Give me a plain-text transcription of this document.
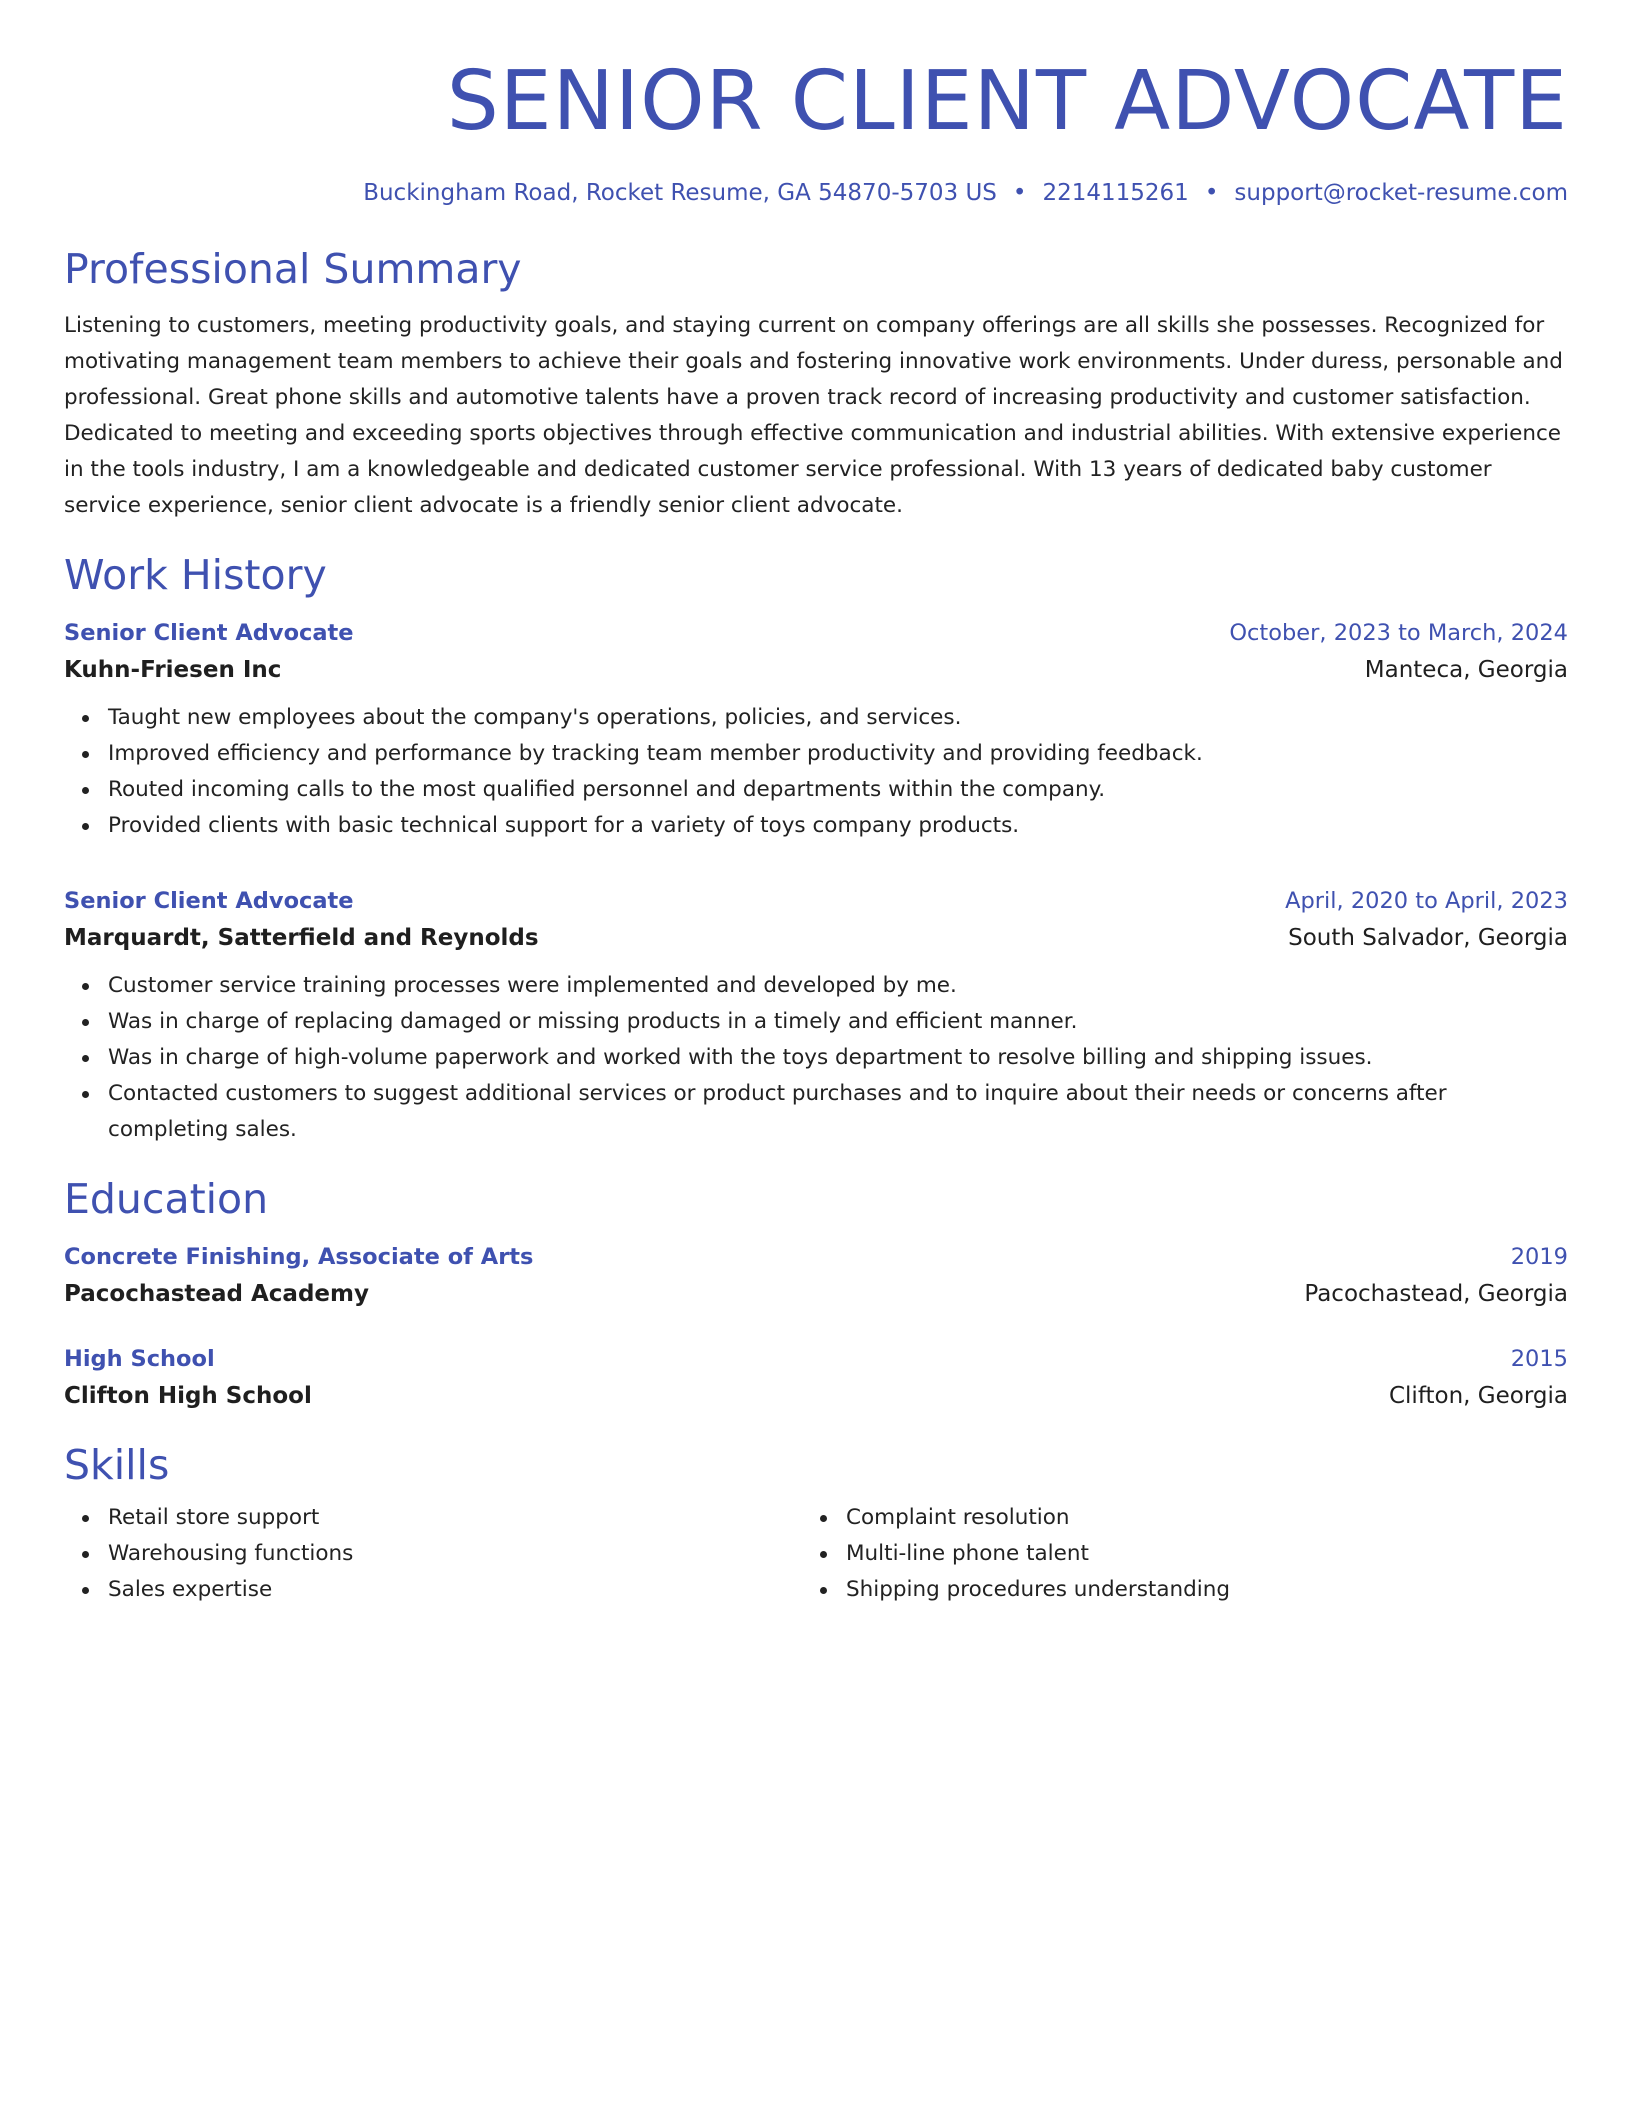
SENIOR CLIENT ADVOCATE
Buckingham Road, Rocket Resume, GA 54870-5703 US • 2214115261 • support@rocket-resume.com
Professional Summary

Listening to customers, meeting productivity goals, and staying current on company offerings are all skills she possesses. Recognized for motivating management team members to achieve their goals and fostering innovative work environments. Under duress, personable and professional. Great phone skills and automotive talents have a proven track record of increasing productivity and customer satisfaction. Dedicated to meeting and exceeding sports objectives through effective communication and industrial abilities. With extensive experience in the tools industry, I am a knowledgeable and dedicated customer service professional. With 13 years of dedicated baby customer service experience, senior client advocate is a friendly senior client advocate.

Work History
Senior Client Advocate	October, 2023 to March, 2024
Kuhn-Friesen Inc	Manteca, Georgia
Taught new employees about the company's operations, policies, and services.
Improved efficiency and performance by tracking team member productivity and providing feedback.
Routed incoming calls to the most qualified personnel and departments within the company.
Provided clients with basic technical support for a variety of toys company products.
Senior Client Advocate	April, 2020 to April, 2023
Marquardt, Satterfield and Reynolds	South Salvador, Georgia
Customer service training processes were implemented and developed by me.
Was in charge of replacing damaged or missing products in a timely and efficient manner.
Was in charge of high-volume paperwork and worked with the toys department to resolve billing and shipping issues.
Contacted customers to suggest additional services or product purchases and to inquire about their needs or concerns after completing sales.
Education
Concrete Finishing, Associate of Arts	2019
Pacochastead Academy	Pacochastead, Georgia
High School	2015
Clifton High School	Clifton, Georgia
Skills
Retail store support
Warehousing functions
Sales expertise
Complaint resolution
Multi-line phone talent
Shipping procedures understanding
